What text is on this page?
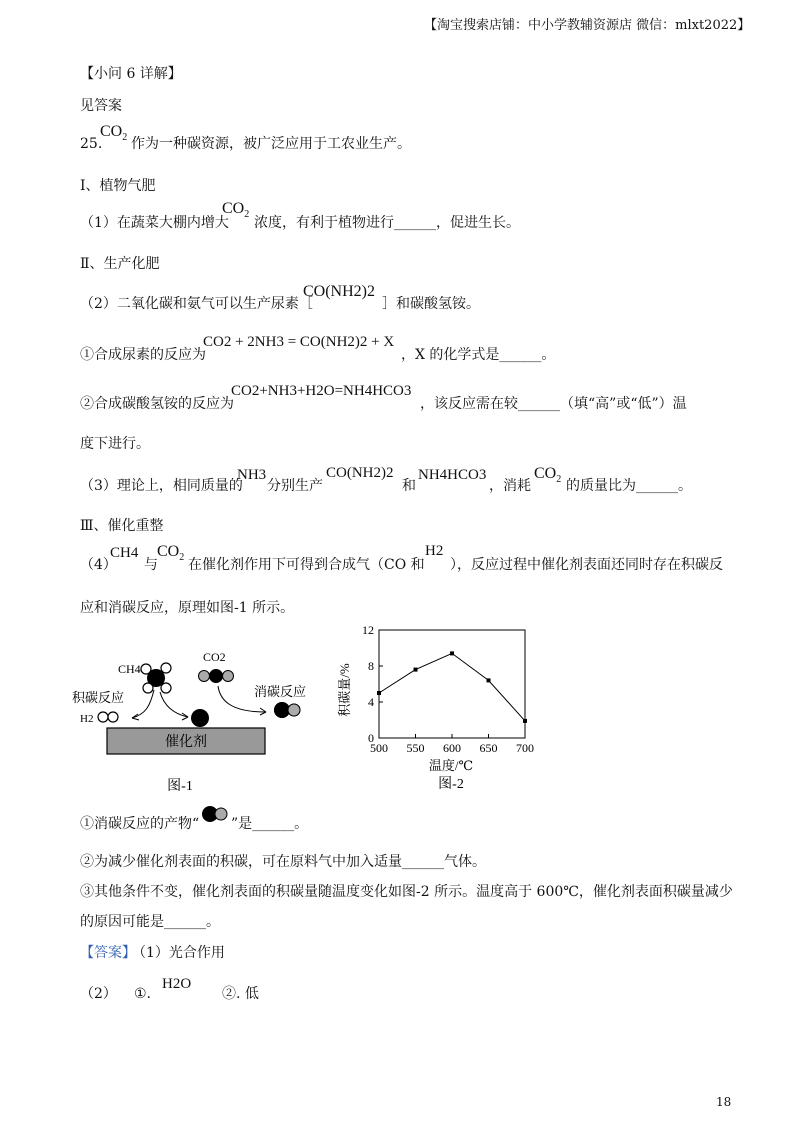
【淘宝搜索店铺：中小学教辅资源店 微信：mlxt2022】
【小问 6 详解】
见答案
25.
$CO_2$ 作为一种碳资源，被广泛应用于工农业生产。
Ⅰ、植物气肥
（1）在蔬菜大棚内增大
$CO_2$
浓度，有利于植物进行______，促进生长。
Ⅱ、生产化肥
（2）二氧化碳和氨气可以生产尿素［
CO(NH2)2
］和碳酸氢铵。
①合成尿素的反应为
CO2 + 2NH3 = CO(NH2)2 + X
，X 的化学式是______。
②合成碳酸氢铵的反应为
CO2+NH3+H2O=NH4HCO3
，该反应需在较______（填“高”或“低”）温
度下进行。
（3）理论上，相同质量的
NH3
分别生产
CO(NH2)2
和
NH4HCO3
，消耗
$CO_2$ 的质量比为______。
Ⅲ、催化重整
（4）
CH4
与
$CO_2$ 在催化剂作用下可得到合成气（CO 和
H2
），反应过程中催化剂表面还同时存在积碳反
应和消碳反应，原理如图-1 所示。
CH4
CO2
积碳反应	消碳反应
H2
催化剂
图-1
500 550 600 650 700
0
4
8
12
积碳量/%
温度/℃
图-2
①消碳反应的产物“ ”是______。
②为减少催化剂表面的积碳，可在原料气中加入适量______气体。
③其他条件不变，催化剂表面的积碳量随温度变化如图-2 所示。温度高于 600℃，催化剂表面积碳量减少
的原因可能是______。
【答案】
（1）光合作用
（2） ①.
H2O
②. 低
18
